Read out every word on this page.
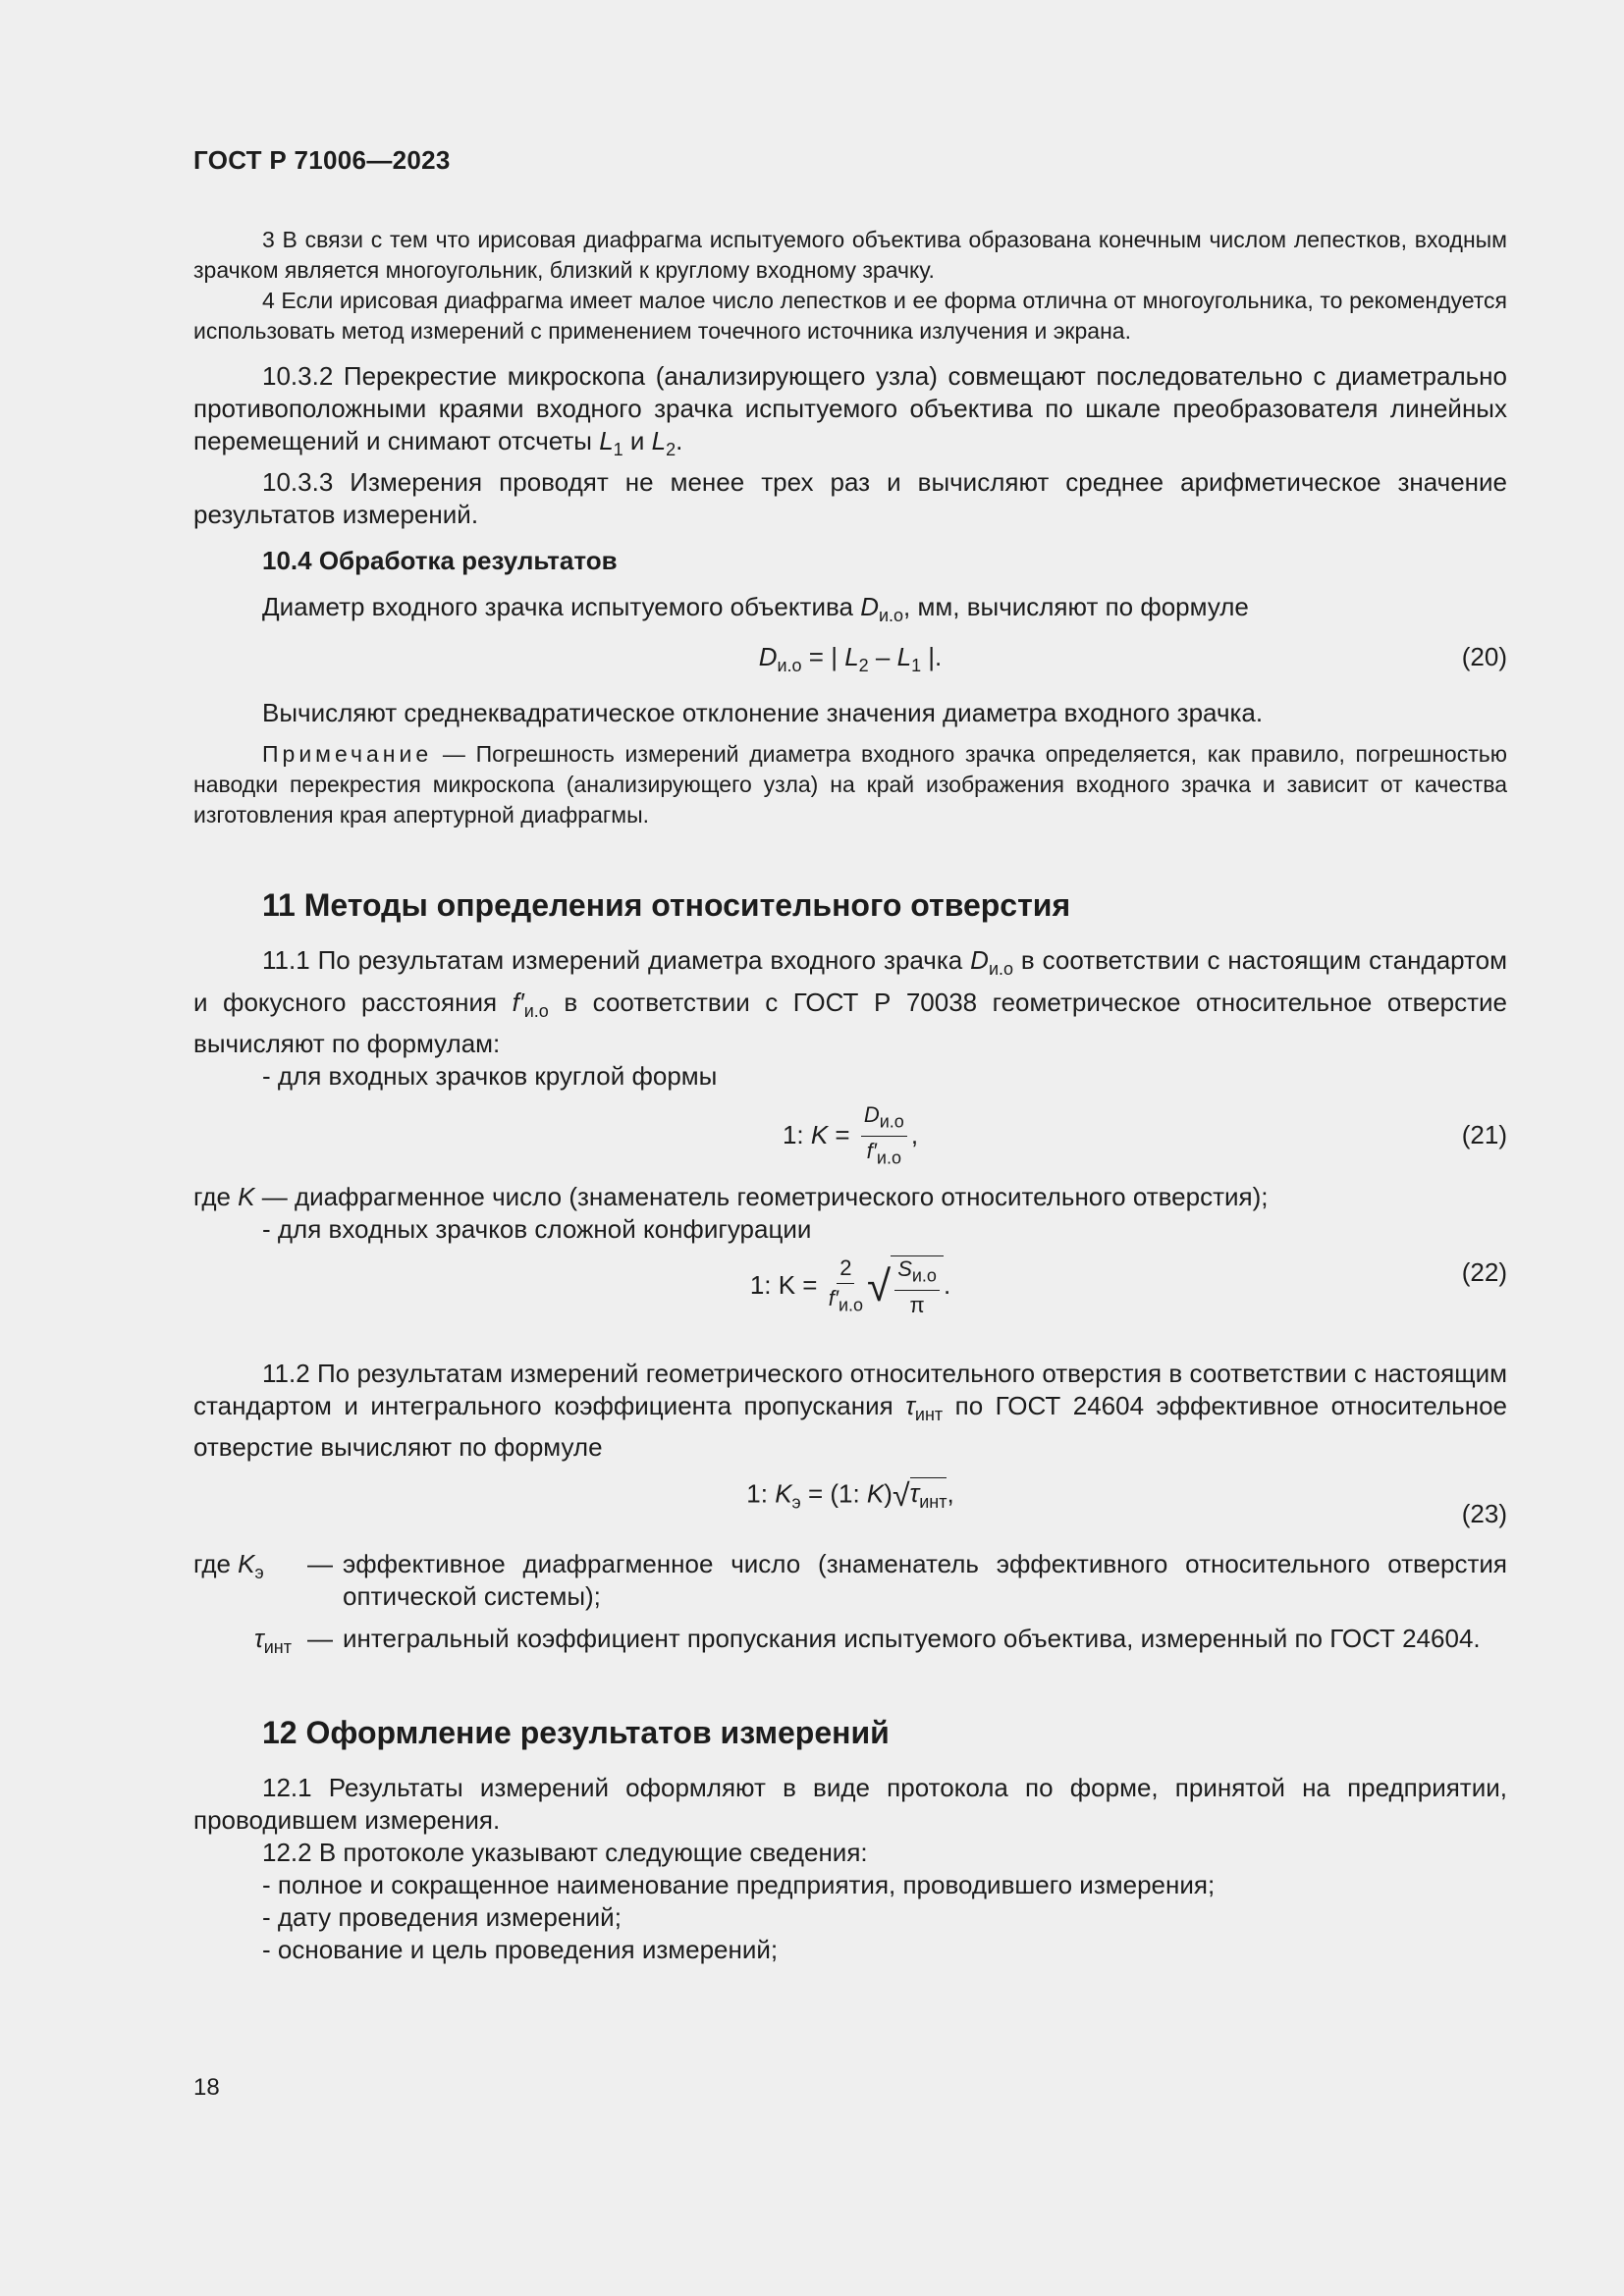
ГОСТ Р 71006—2023

3 В связи с тем что ирисовая диафрагма испытуемого объектива образована конечным числом лепестков, входным зрачком является многоугольник, близкий к круглому входному зрачку.

4 Если ирисовая диафрагма имеет малое число лепестков и ее форма отлична от многоугольника, то рекомендуется использовать метод измерений с применением точечного источника излучения и экрана.

10.3.2 Перекрестие микроскопа (анализирующего узла) совмещают последовательно с диаметрально противоположными краями входного зрачка испытуемого объектива по шкале преобразователя линейных перемещений и снимают отсчеты $L_1$ и $L_2$.

10.3.3 Измерения проводят не менее трех раз и вычисляют среднее арифметическое значение результатов измерений.

10.4 Обработка результатов

Диаметр входного зрачка испытуемого объектива $D_{и.о}$, мм, вычисляют по формуле

$D_{и.о}$ = | $L_2 - L_1$ |.	(20)

Вычисляют среднеквадратическое отклонение значения диаметра входного зрачка.

Примечание — Погрешность измерений диаметра входного зрачка определяется, как правило, погрешностью наводки перекрестия микроскопа (анализирующего узла) на край изображения входного зрачка и зависит от качества изготовления края апертурной диафрагмы.

11 Методы определения относительного отверстия

11.1 По результатам измерений диаметра входного зрачка $D_{и.о}$ в соответствии с настоящим стандартом и фокусного расстояния $f'_{и.о}$ в соответствии с ГОСТ Р 70038 геометрическое относительное отверстие вычисляют по формулам:

- для входных зрачков круглой формы
1: $K = \frac{D_{и.о}}{f'_{и.о}}$ ,	(21)

где K — диафрагменное число (знаменатель геометрического относительного отверстия);

- для входных зрачков сложной конфигурации
1: $K = \frac{2}{f'_{и.о}}$ √ $\frac{S_{и.о}}{\pi}$ .	(22)

11.2 По результатам измерений геометрического относительного отверстия в соответствии с настоящим стандартом и интегрального коэффициента пропускания $\tau_{инт}$ по ГОСТ 24604 эффективное относительное отверстие вычисляют по формуле

1: $K_э = (1$: $K)√\tau_{инт}$,
(23)
где $K_э$	—	эффективное диафрагменное число (знаменатель эффективного относительного отверстия оптической системы);
$\tau_{инт}$	—	интегральный коэффициент пропускания испытуемого объектива, измеренный по ГОСТ 24604.
12 Оформление результатов измерений

12.1 Результаты измерений оформляют в виде протокола по форме, принятой на предприятии, проводившем измерения.

12.2 В протоколе указывают следующие сведения:

- полное и сокращенное наименование предприятия, проводившего измерения;
- дату проведения измерений;
- основание и цель проведения измерений;
18
